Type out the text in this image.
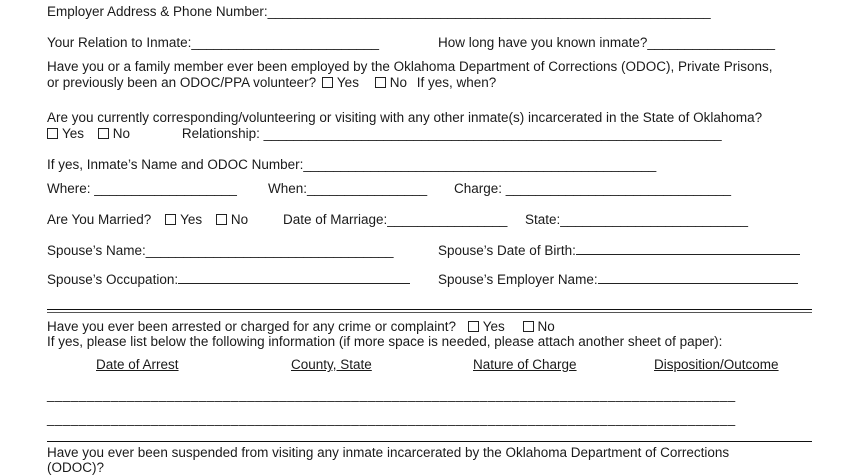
Employer Address & Phone Number:___________________________________________________________
Your Relation to Inmate:_________________________	How long have you known inmate?_________________
Have you or a family member ever been employed by the Oklahoma Department of Corrections (ODOC), Private Prisons,
or previously been an ODOC/PPA volunteer? Yes No If yes, when?
Are you currently corresponding/volunteering or visiting with any other inmate(s) incarcerated in the State of Oklahoma?
Yes No	Relationship: _____________________________________________________________
If yes, Inmate’s Name and ODOC Number:_______________________________________________
Where: ___________________ When:________________ Charge: ______________________________
Are You Married? Yes No	Date of Marriage:________________ State:_________________________
Spouse’s Name:_________________________________	Spouse’s Date of Birth:
Spouse’s Occupation:	Spouse’s Employer Name:
Have you ever been arrested or charged for any crime or complaint? Yes No
If yes, please list below the following information (if more space is needed, please attach another sheet of paper):
Date of Arrest	County, State	Nature of Charge	Disposition/Outcome
______________________________________________________________________________________
______________________________________________________________________________________
Have you ever been suspended from visiting any inmate incarcerated by the Oklahoma Department of Corrections
(ODOC)?
